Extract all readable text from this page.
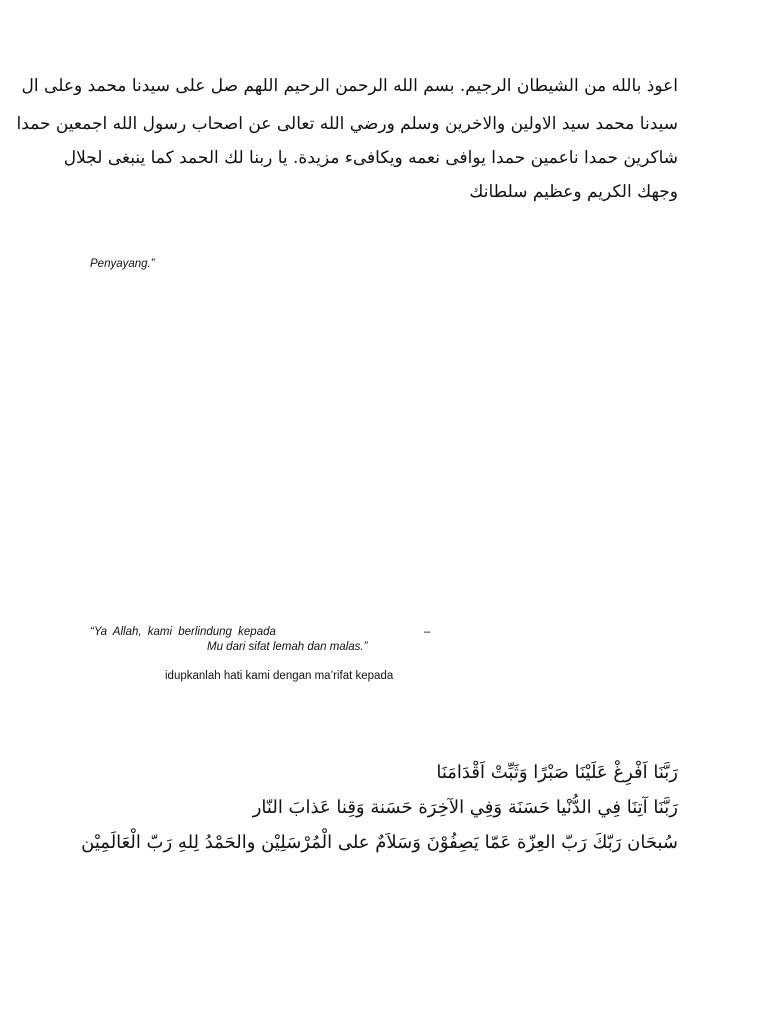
اعوذ بالله من الشيطان الرجيم. بسم الله الرحمن الرحيم اللهم صل على سيدنا محمد وعلى ال
سيدنا محمد سيد الاولين والاخرين وسلم ورضي الله تعالى عن اصحاب رسول الله اجمعين حمدا
شاكرين حمدا ناعمين حمدا يوافى نعمه ويكافىء مزيدة. يا ربنا لك الحمد كما ينبغى لجلال
وجهك الكريم وعظيم سلطانك
Penyayang.”
“Ya Allah, kami berlindung kepada	–
Mu dari sifat lemah dan malas.”
idupkanlah hati kami dengan ma’rifat kepada
رَبَّنَا اَفْرِغْ عَلَيْنَا صَبْرًا وَثَبِّتْ اَقْدَامَنَا
رَبَّنَا آتِنَا فِي الدُّنْيا حَسَنَة وَفِي الآخِرَة حَسَنة وَقِنا عَذابَ النّار
سُبحَان رَبّكَ رَبّ العِزّة عَمّا يَصِفُوْنَ وَسَلاَمٌ على الْمُرْسَلِيْن والحَمْدُ لِلهِ رَبّ الْعَالَمِيْن
